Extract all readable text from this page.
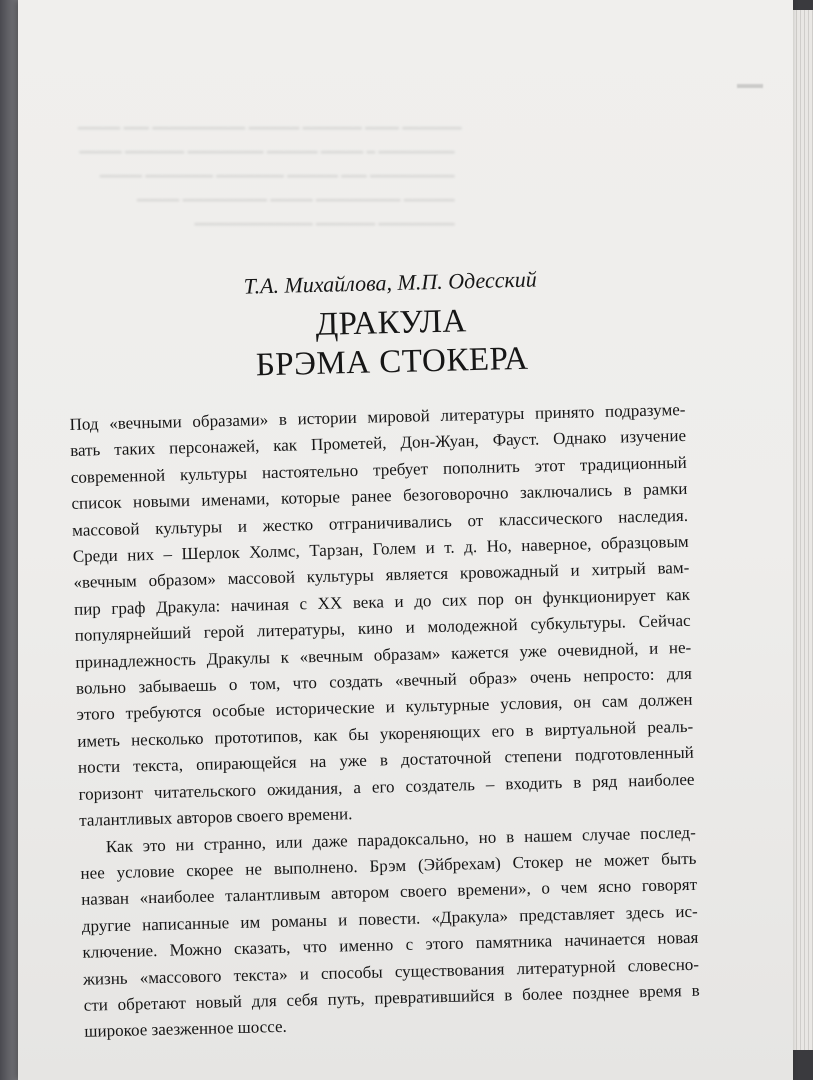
━━━━━━━ ━━━━ ━━━━━━━ ━━━━━━ ━━━━━━━━━━━ ━━━ ━━━━━
━━━━━━━━━ ━ ━━━━━ ━━━━━━ ━━━━━━━━━ ━━━━━━━ ━━━━━
━━━━━━━━━━ ━━━ ━━━━━━ ━━━━━━━━ ━━━━━━━━ ━━━━━
━━━━━━ ━━━━━━━━━━ ━━━━━ ━━━━━━━━━━ ━━━━━
━━━━━━━━━ ━━━━━━━ ━━━━━━━━━━━━━━
▬▬

Т.А. Михайлова, М.П. Одесский

ДРАКУЛА
БРЭМА СТОКЕРА

Под «вечными образами» в истории мировой литературы принято подразуме-
вать таких персонажей, как Прометей, Дон-Жуан, Фауст. Однако изучение
современной культуры настоятельно требует пополнить этот традиционный
список новыми именами, которые ранее безоговорочно заключались в рамки
массовой культуры и жестко отграничивались от классического наследия.
Среди них – Шерлок Холмс, Тарзан, Голем и т. д. Но, наверное, образцовым
«вечным образом» массовой культуры является кровожадный и хитрый вам-
пир граф Дракула: начиная с XX века и до сих пор он функционирует как
популярнейший герой литературы, кино и молодежной субкультуры. Сейчас
принадлежность Дракулы к «вечным образам» кажется уже очевидной, и не-
вольно забываешь о том, что создать «вечный образ» очень непросто: для
этого требуются особые исторические и культурные условия, он сам должен
иметь несколько прототипов, как бы укореняющих его в виртуальной реаль-
ности текста, опирающейся на уже в достаточной степени подготовленный
горизонт читательского ожидания, а его создатель – входить в ряд наиболее
талантливых авторов своего времени.

Как это ни странно, или даже парадоксально, но в нашем случае послед-
нее условие скорее не выполнено. Брэм (Эйбрехам) Стокер не может быть
назван «наиболее талантливым автором своего времени», о чем ясно говорят
другие написанные им романы и повести. «Дракула» представляет здесь ис-
ключение. Можно сказать, что именно с этого памятника начинается новая
жизнь «массового текста» и способы существования литературной словесно-
сти обретают новый для себя путь, превратившийся в более позднее время в
широкое заезженное шоссе.
